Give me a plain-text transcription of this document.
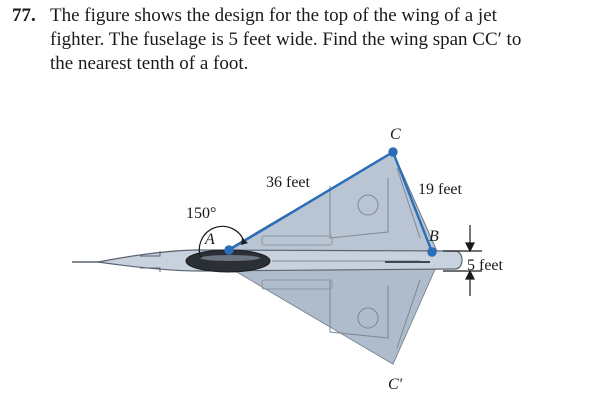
77. The figure shows the design for the top of the wing of a jet
fighter. The fuselage is 5 feet wide. Find the wing span CC′ to
the nearest tenth of a foot.
C
C′
A	B
150°
36 feet	19 feet
5 feet
